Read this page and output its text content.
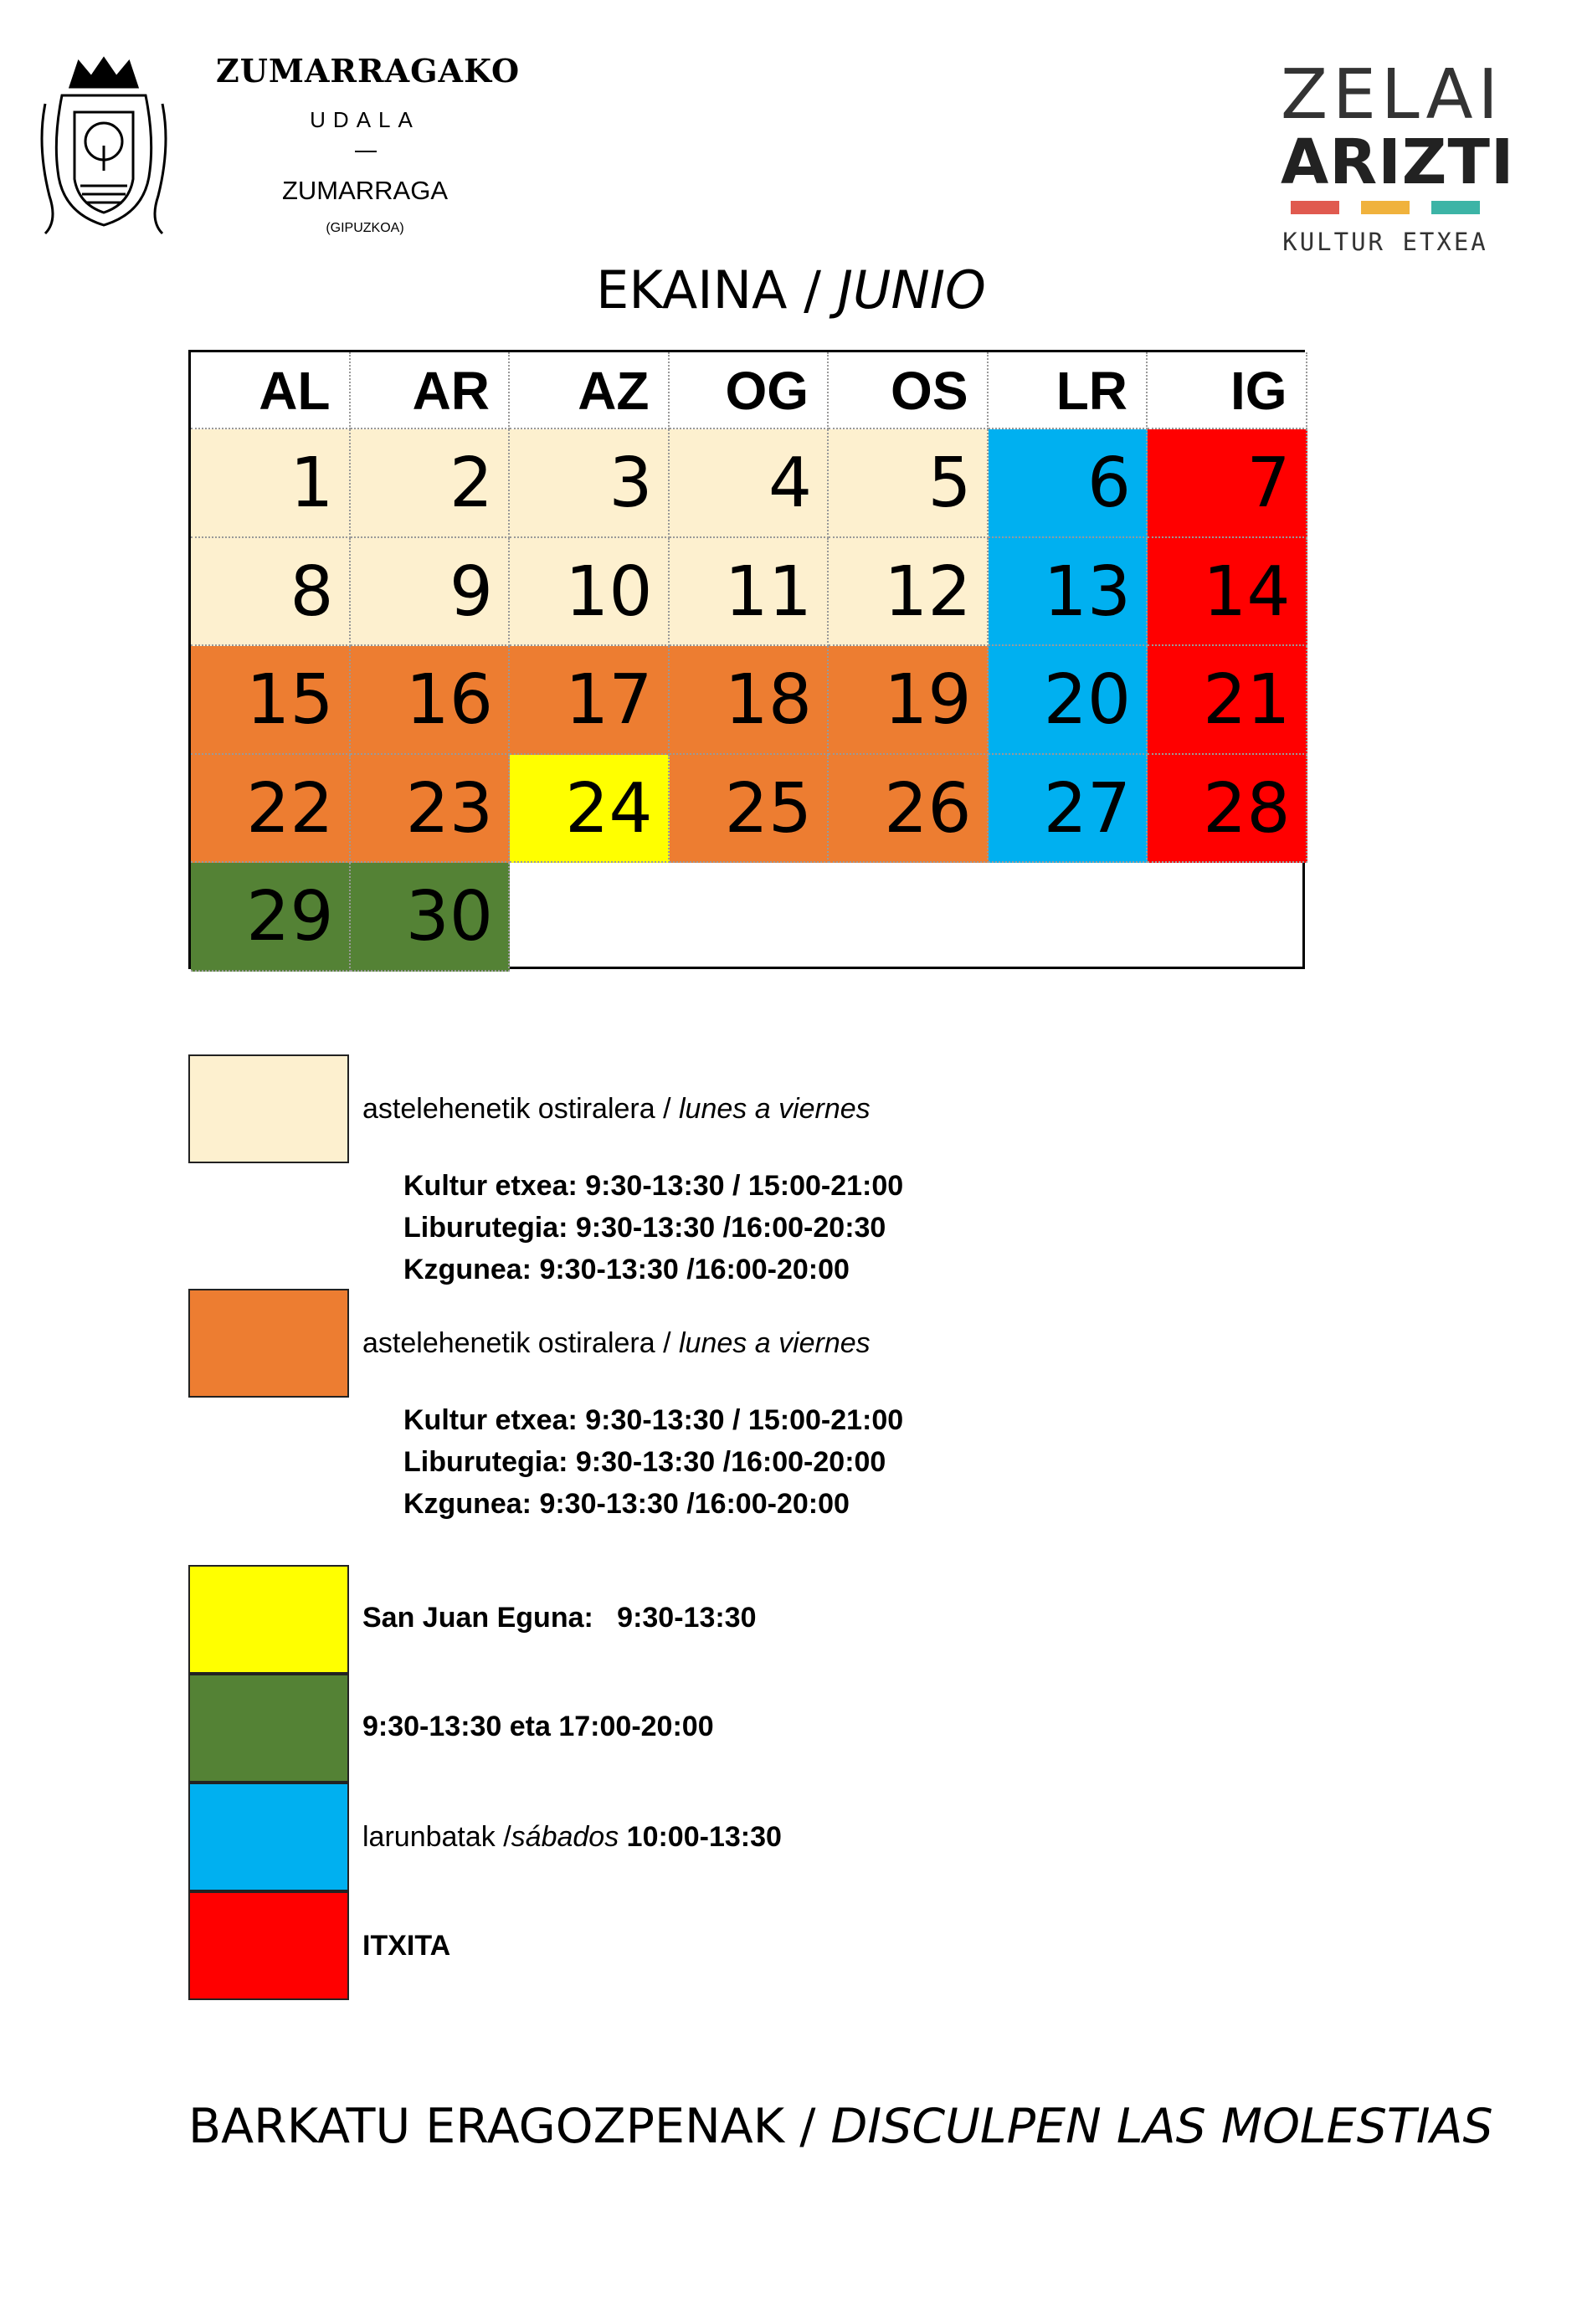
ZUMARRAGAKO
UDALA
ZUMARRAGA
(GIPUZKOA)
ZELAI
ARIZTI
KULTUR ETXEA
EKAINA / JUNIO
AL	AR	AZ	OG	OS	LR	IG
1	2	3	4	5	6	7
8	9	10	11	12	13	14
15	16	17	18	19	20	21
22	23	24	25	26	27	28
29	30
astelehenetik ostiralera / lunes a viernes
Kultur etxea: 9:30-13:30 / 15:00-21:00
Liburutegia: 9:30-13:30 /16:00-20:30
Kzgunea: 9:30-13:30 /16:00-20:00
astelehenetik ostiralera / lunes a viernes
Kultur etxea: 9:30-13:30 / 15:00-21:00
Liburutegia: 9:30-13:30 /16:00-20:00
Kzgunea: 9:30-13:30 /16:00-20:00
San Juan Eguna:   9:30-13:30
9:30-13:30 eta 17:00-20:00
larunbatak /sábados 10:00-13:30
ITXITA
BARKATU ERAGOZPENAK / DISCULPEN LAS MOLESTIAS
